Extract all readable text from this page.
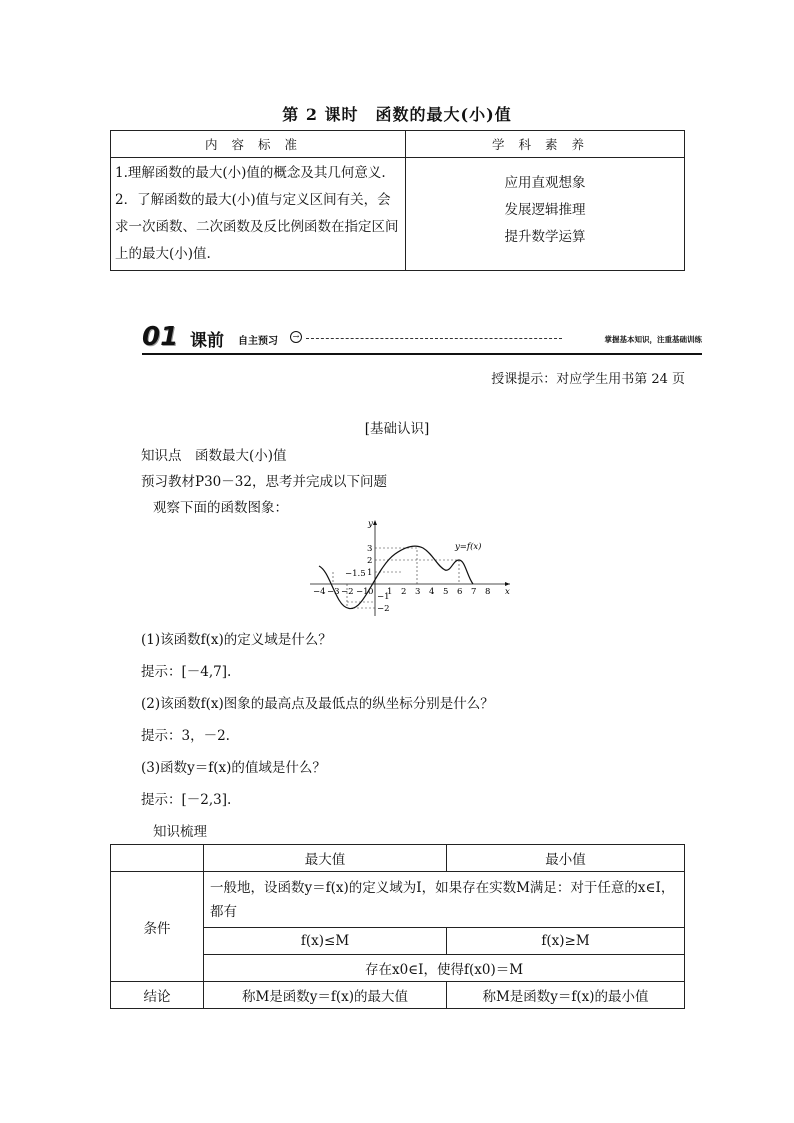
第 2 课时　函数的最大(小)值
内容标准	学科素养
1.理解函数的最大(小)值的概念及其几何意义. 2．了解函数的最大(小)值与定义区间有关，会求一次函数、二次函数及反比例函数在指定区间上的最大(小)值.	应用直观想象
发展逻辑推理
提升数学运算
01 课前 自主预习	→	掌握基本知识，注重基础训练
授课提示：对应学生用书第 24 页
[基础认识]
知识点　函数最大(小)值
预习教材P30－32，思考并完成以下问题
观察下面的函数图象：
y
x
y=f(x)
3
2
1
−1
−2
−1.5
−4 −3 −2 −1 0 1 2 3 4 5 6 7 8
(1)该函数f(x)的定义域是什么？
提示：[－4,7].
(2)该函数f(x)图象的最高点及最低点的纵坐标分别是什么？
提示：3，－2.
(3)函数y＝f(x)的值域是什么？
提示：[－2,3].
知识梳理
	最大值	最小值
条件	一般地，设函数y＝f(x)的定义域为I，如果存在实数M满足：对于任意的x∈I，都有	
	f(x)≤M	f(x)≥M
	存在x0∈I，使得f(x0)＝M	
结论	称M是函数y＝f(x)的最大值	称M是函数y＝f(x)的最小值
